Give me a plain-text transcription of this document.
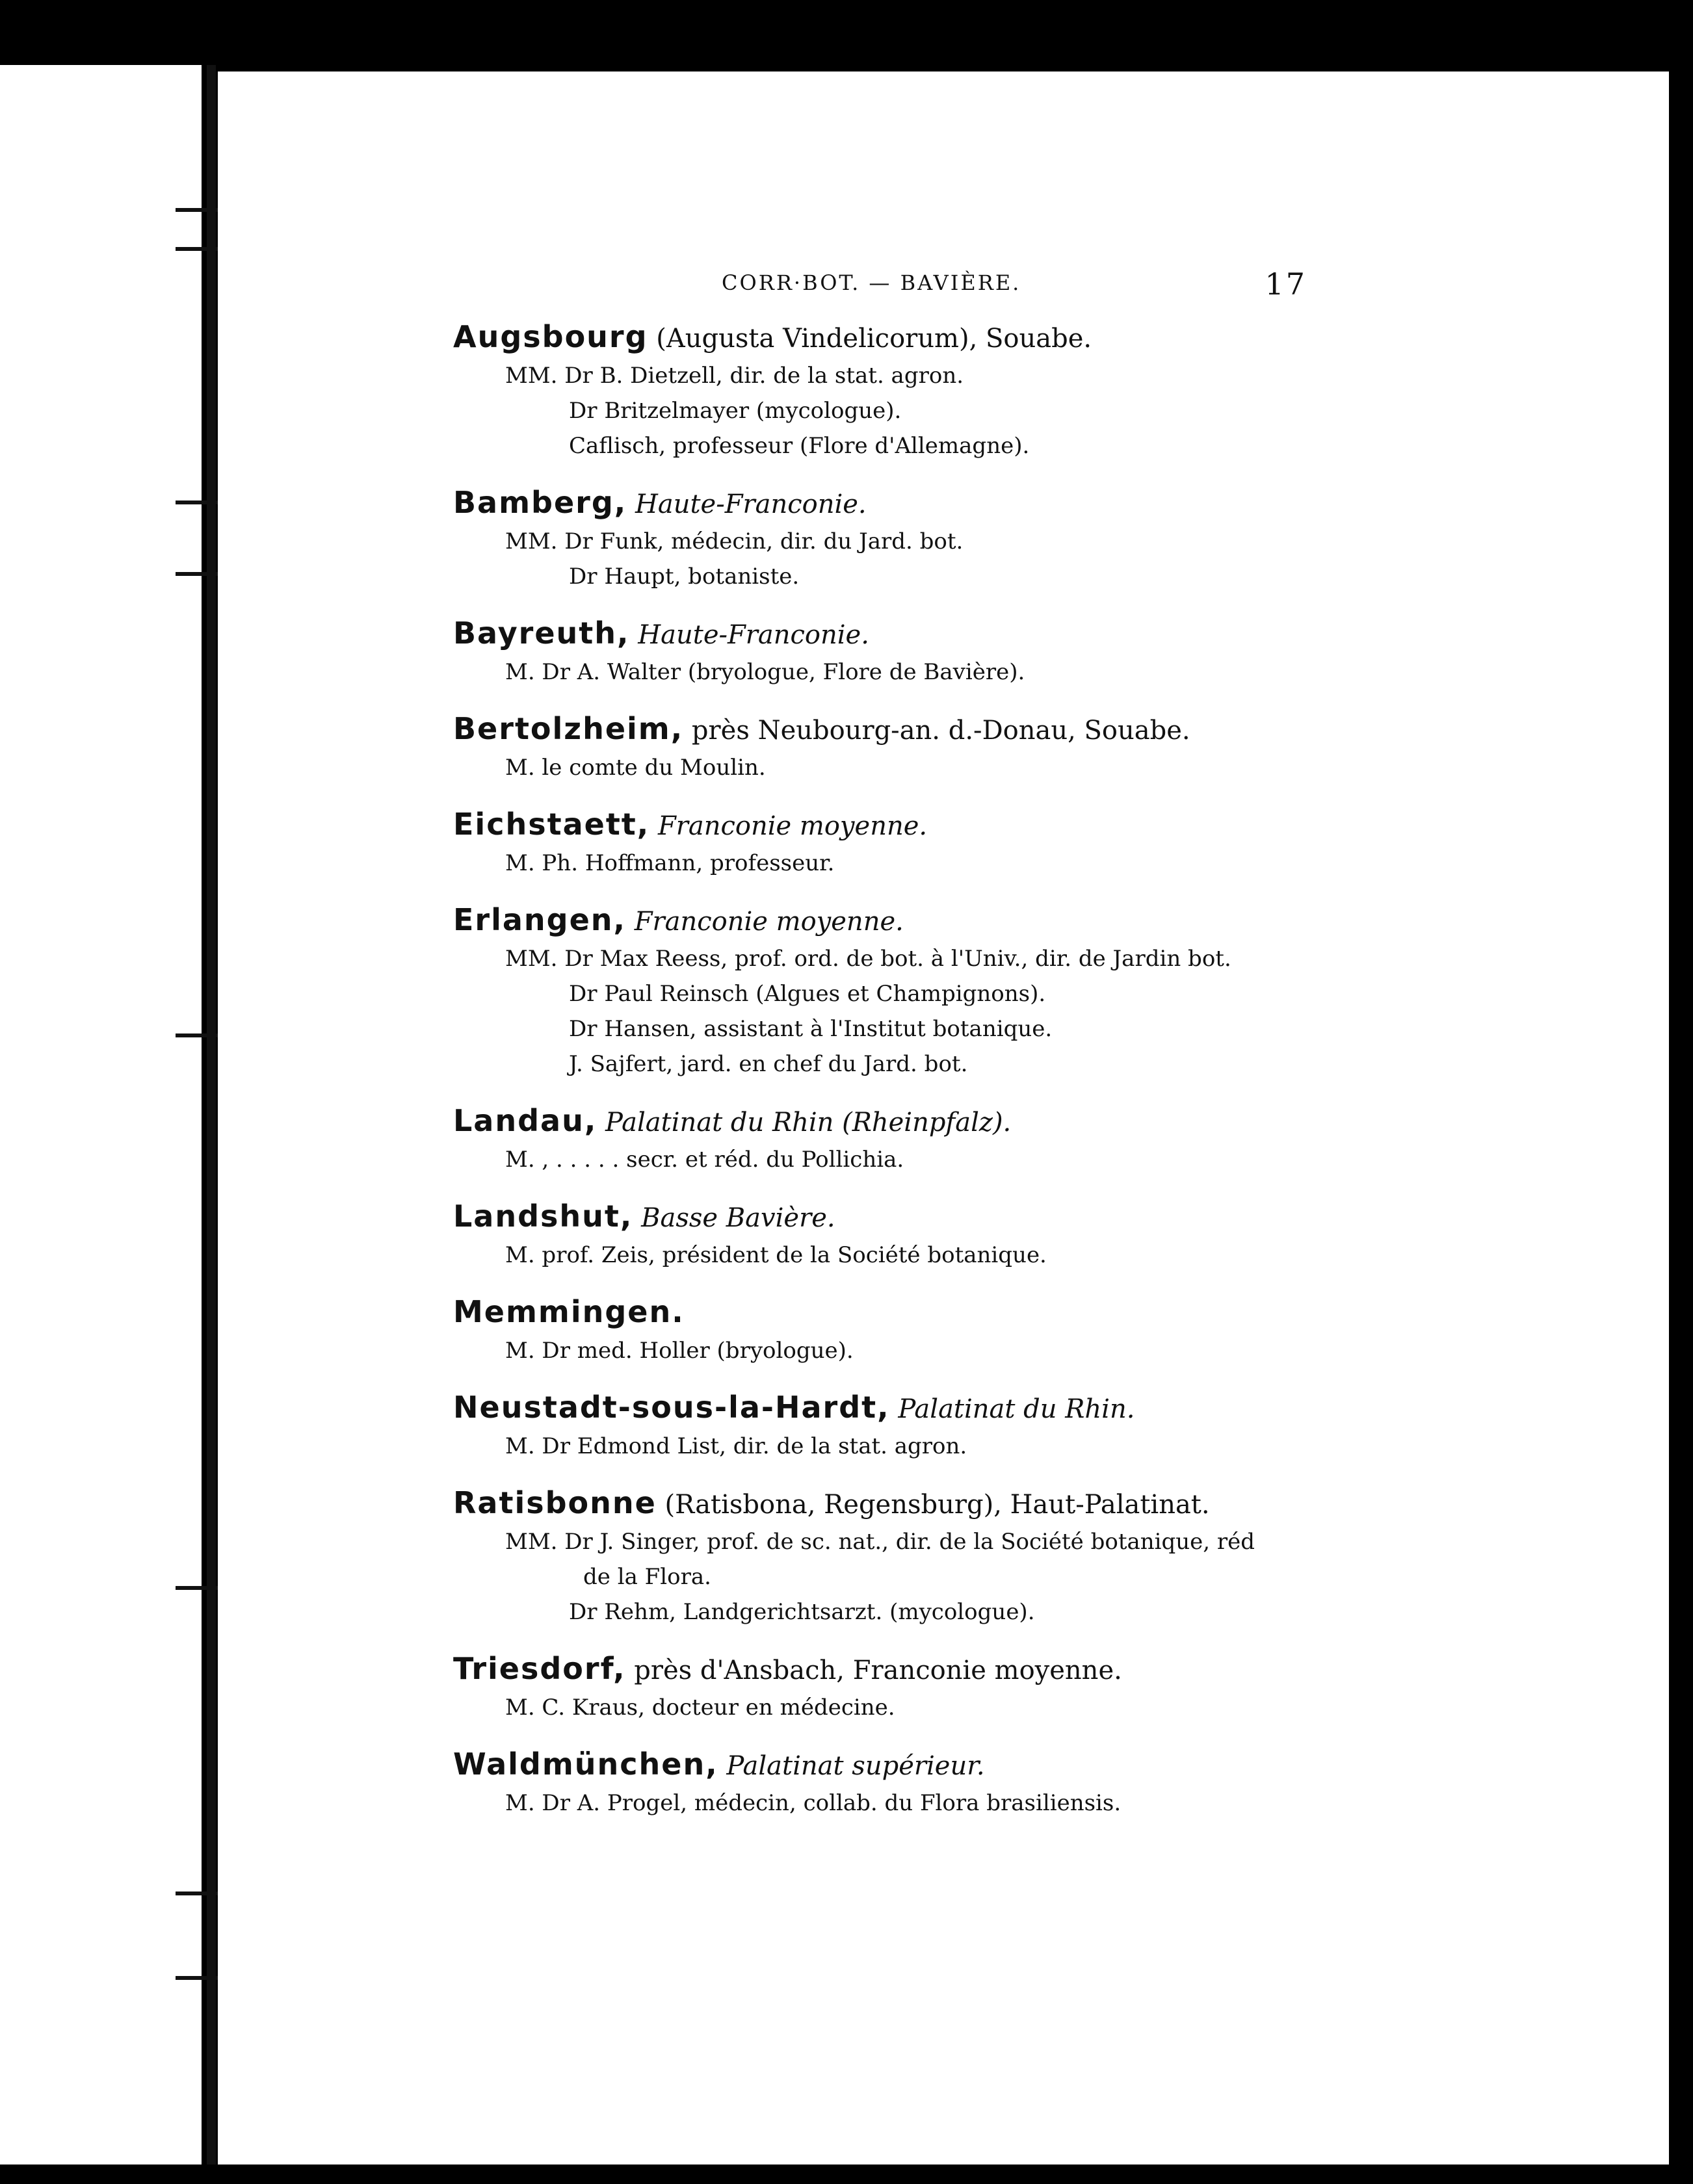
CORR·BOT. — BAVIÈRE.	17
Augsbourg (Augusta Vindelicorum), Souabe.
MM. Dr B. Dietzell, dir. de la stat. agron.
Dr Britzelmayer (mycologue).
Caflisch, professeur (Flore d'Allemagne).
Bamberg, Haute-Franconie.
MM. Dr Funk, médecin, dir. du Jard. bot.
Dr Haupt, botaniste.
Bayreuth, Haute-Franconie.
M. Dr A. Walter (bryologue, Flore de Bavière).
Bertolzheim, près Neubourg-an. d.-Donau, Souabe.
M. le comte du Moulin.
Eichstaett, Franconie moyenne.
M. Ph. Hoffmann, professeur.
Erlangen, Franconie moyenne.
MM. Dr Max Reess, prof. ord. de bot. à l'Univ., dir. de Jardin bot.
Dr Paul Reinsch (Algues et Champignons).
Dr Hansen, assistant à l'Institut botanique.
J. Sajfert, jard. en chef du Jard. bot.
Landau, Palatinat du Rhin (Rheinpfalz).
M. , . . . . . secr. et réd. du Pollichia.
Landshut, Basse Bavière.
M. prof. Zeis, président de la Société botanique.
Memmingen.
M. Dr med. Holler (bryologue).
Neustadt-sous-la-Hardt, Palatinat du Rhin.
M. Dr Edmond List, dir. de la stat. agron.
Ratisbonne (Ratisbona, Regensburg), Haut-Palatinat.
MM. Dr J. Singer, prof. de sc. nat., dir. de la Société botanique, réd
de la Flora.
Dr Rehm, Landgerichtsarzt. (mycologue).
Triesdorf, près d'Ansbach, Franconie moyenne.
M. C. Kraus, docteur en médecine.
Waldmünchen, Palatinat supérieur.
M. Dr A. Progel, médecin, collab. du Flora brasiliensis.
